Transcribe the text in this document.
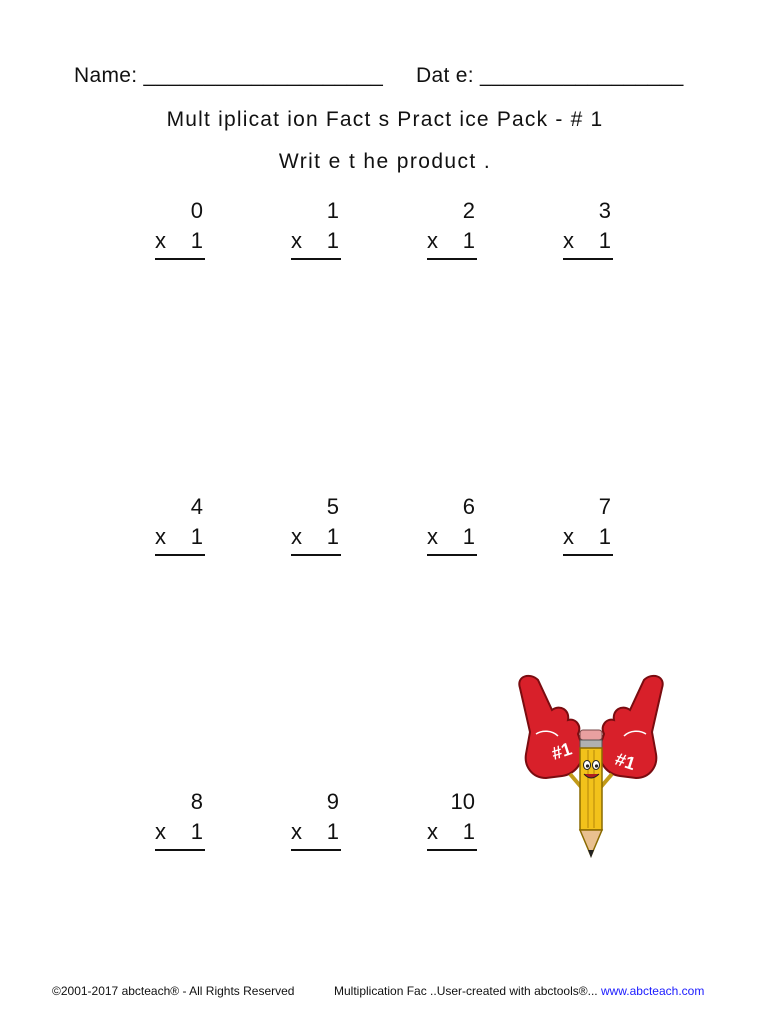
Name: ____________________ Dat e: _________________
Mult iplicat ion Fact s Pract ice Pack - # 1
Writ e t he product .
0
x 1
1
x 1
2
x 1
3
x 1
4
x 1
5
x 1
6
x 1
7
x 1
8
x 1
9
x 1
10
x 1
#1 #1
©2001-2017 abcteach® - All Rights Reserved	Multiplication Fac ..User-created with abctools®... www.abcteach.com
